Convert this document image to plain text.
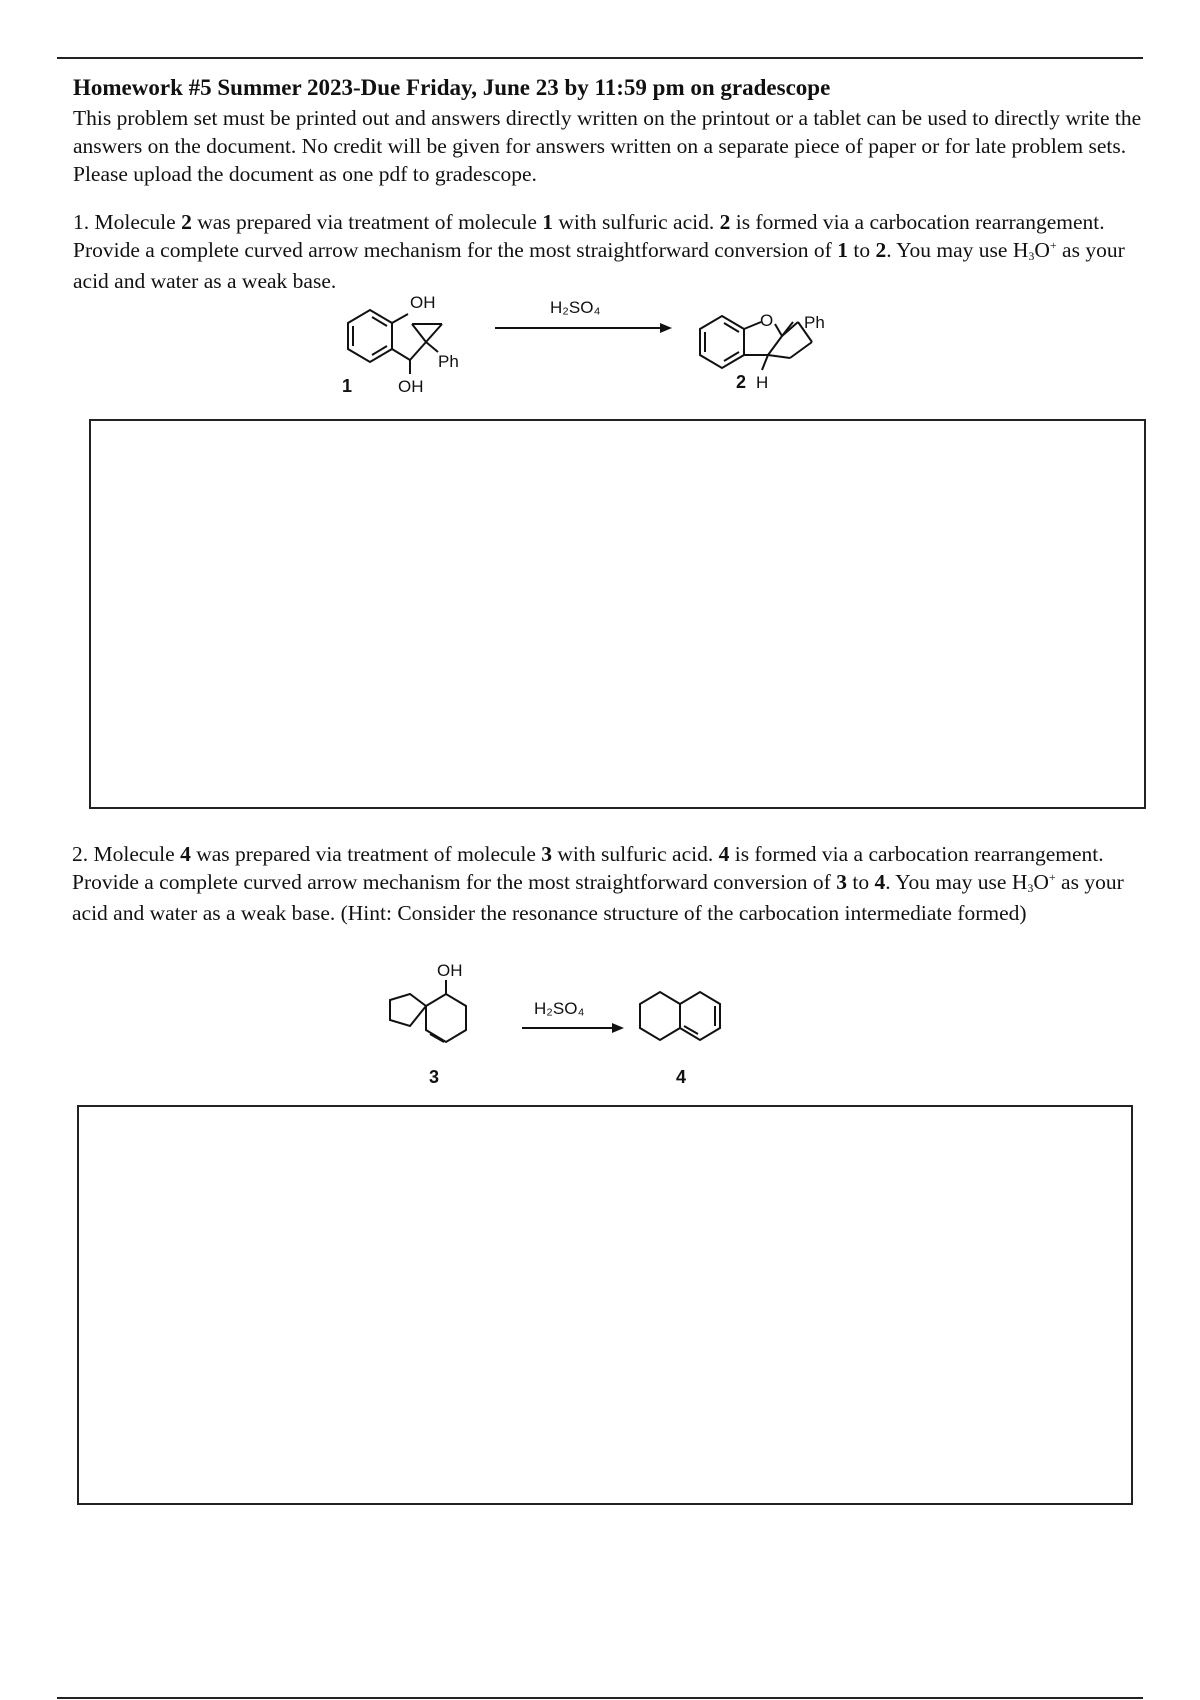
Homework #5 Summer 2023-Due Friday, June 23 by 11:59 pm on gradescope
This problem set must be printed out and answers directly written on the printout or a tablet can be used to directly write the answers on the document. No credit will be given for answers written on a separate piece of paper or for late problem sets. Please upload the document as one pdf to gradescope.
1. Molecule 2 was prepared via treatment of molecule 1 with sulfuric acid. 2 is formed via a carbocation rearrangement. Provide a complete curved arrow mechanism for the most straightforward conversion of 1 to 2. You may use H3O+ as your acid and water as a weak base.
OH
Ph
OH
1
H₂SO₄
O Ph
H
2
2. Molecule 4 was prepared via treatment of molecule 3 with sulfuric acid. 4 is formed via a carbocation rearrangement. Provide a complete curved arrow mechanism for the most straightforward conversion of 3 to 4. You may use H3O+ as your acid and water as a weak base. (Hint: Consider the resonance structure of the carbocation intermediate formed)
OH
H₂SO₄
3	4
